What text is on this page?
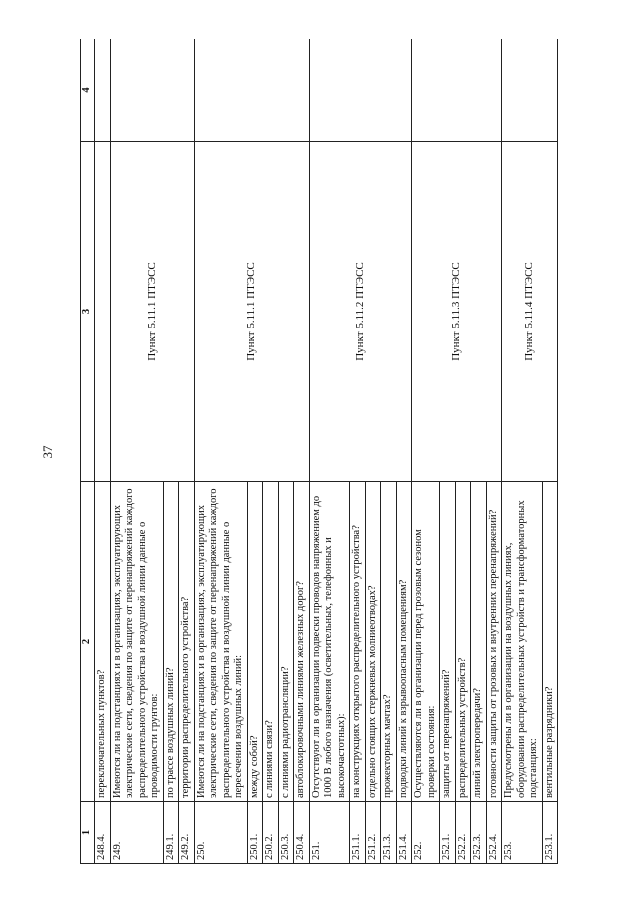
37
1	2	3	4
248.4.	переключательных пунктов?		
249.	Имеются ли на подстанциях и в организациях, эксплуатирующих электрические сети, сведения по защите от перенапряжений каждого распределительного устройства и воздушной линии данные о проводимости грунтов:	Пункт 5.11.1 ПТЭСС	
249.1.	по трассе воздушных линий?		
249.2.	территории распределительного устройства?		
250.	Имеются ли на подстанциях и в организациях, эксплуатирующих электрические сети, сведения по защите от перенапряжений каждого распределительного устройства и воздушной линии данные о пересечении воздушных линий:	Пункт 5.11.1 ПТЭСС	
250.1.	между собой?		
250.2.	с линиями связи?		
250.3.	с линиями радиотрансляции?		
250.4.	автоблокировочными линиями железных дорог?		
251.	Отсутствуют ли в организации подвески проводов напряжением до 1000 В любого назначения (осветительных, телефонных и высокочастотных):	Пункт 5.11.2 ПТЭСС	
251.1.	на конструкциях открытого распределительного устройства?		
251.2.	отдельно стоящих стержневых молниеотводах?		
251.3.	прожекторных мачтах?		
251.4.	подводки линий к взрывоопасным помещениям?		
252.	Осуществляются ли в организации перед грозовым сезоном проверки состояния:	Пункт 5.11.3 ПТЭСС	
252.1.	защиты от перенапряжений?		
252.2.	распределительных устройств?		
252.3.	линий электропередачи?		
252.4.	готовности защиты от грозовых и внутренних перенапряжений?		
253.	Предусмотрены ли в организации на воздушных линиях, оборудовании распределительных устройств и трансформаторных подстанциях:	Пункт 5.11.4 ПТЭСС	
253.1.	вентильные разрядники?		
